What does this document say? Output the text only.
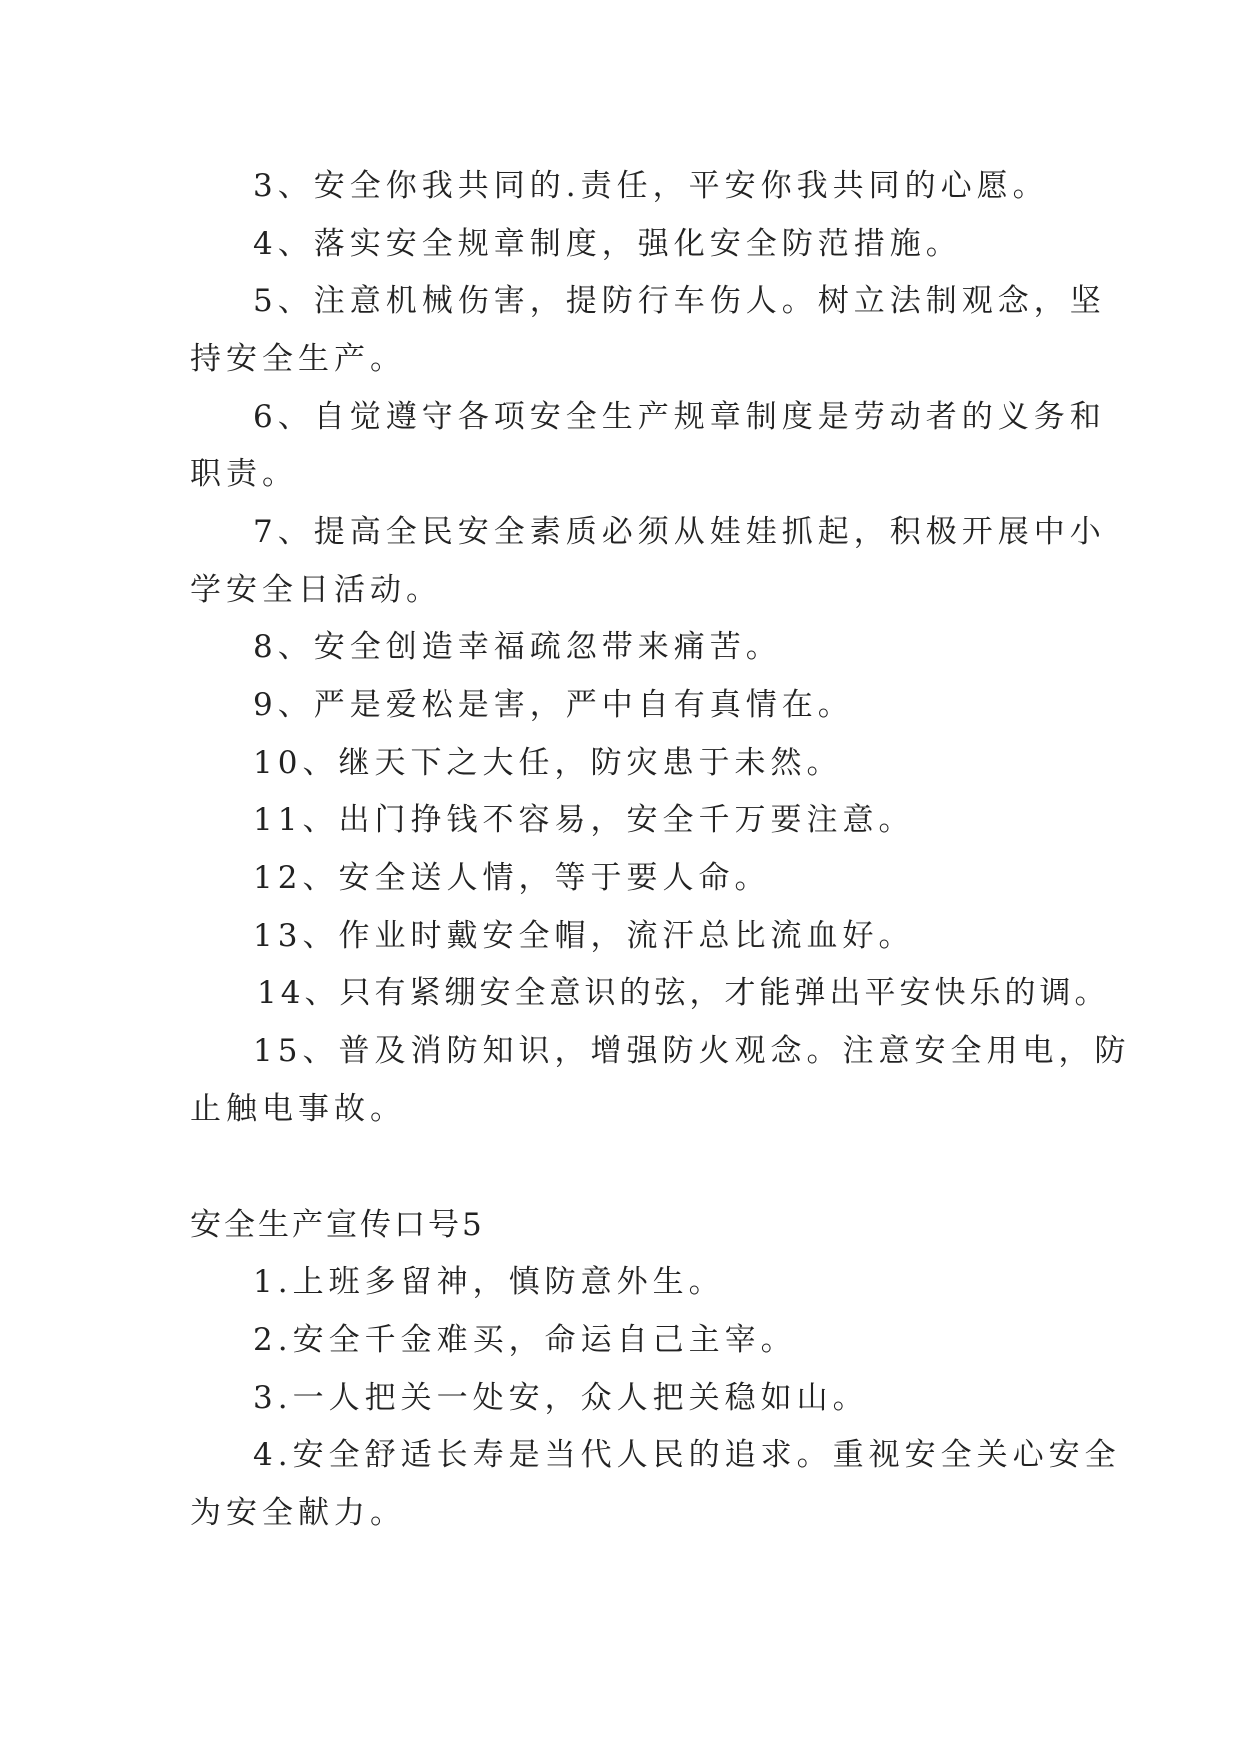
3、安全你我共同的.责任，平安你我共同的心愿。
4、落实安全规章制度，强化安全防范措施。
5、注意机械伤害，提防行车伤人。树立法制观念，坚
持安全生产。
6、自觉遵守各项安全生产规章制度是劳动者的义务和
职责。
7、提高全民安全素质必须从娃娃抓起，积极开展中小
学安全日活动。
8、安全创造幸福疏忽带来痛苦。
9、严是爱松是害，严中自有真情在。
10、继天下之大任，防灾患于未然。
11、出门挣钱不容易，安全千万要注意。
12、安全送人情，等于要人命。
13、作业时戴安全帽，流汗总比流血好。
14、只有紧绷安全意识的弦，才能弹出平安快乐的调。
15、普及消防知识，增强防火观念。注意安全用电，防
止触电事故。
安全生产宣传口号5
1.上班多留神，慎防意外生。
2.安全千金难买，命运自己主宰。
3.一人把关一处安，众人把关稳如山。
4.安全舒适长寿是当代人民的追求。重视安全关心安全
为安全献力。
